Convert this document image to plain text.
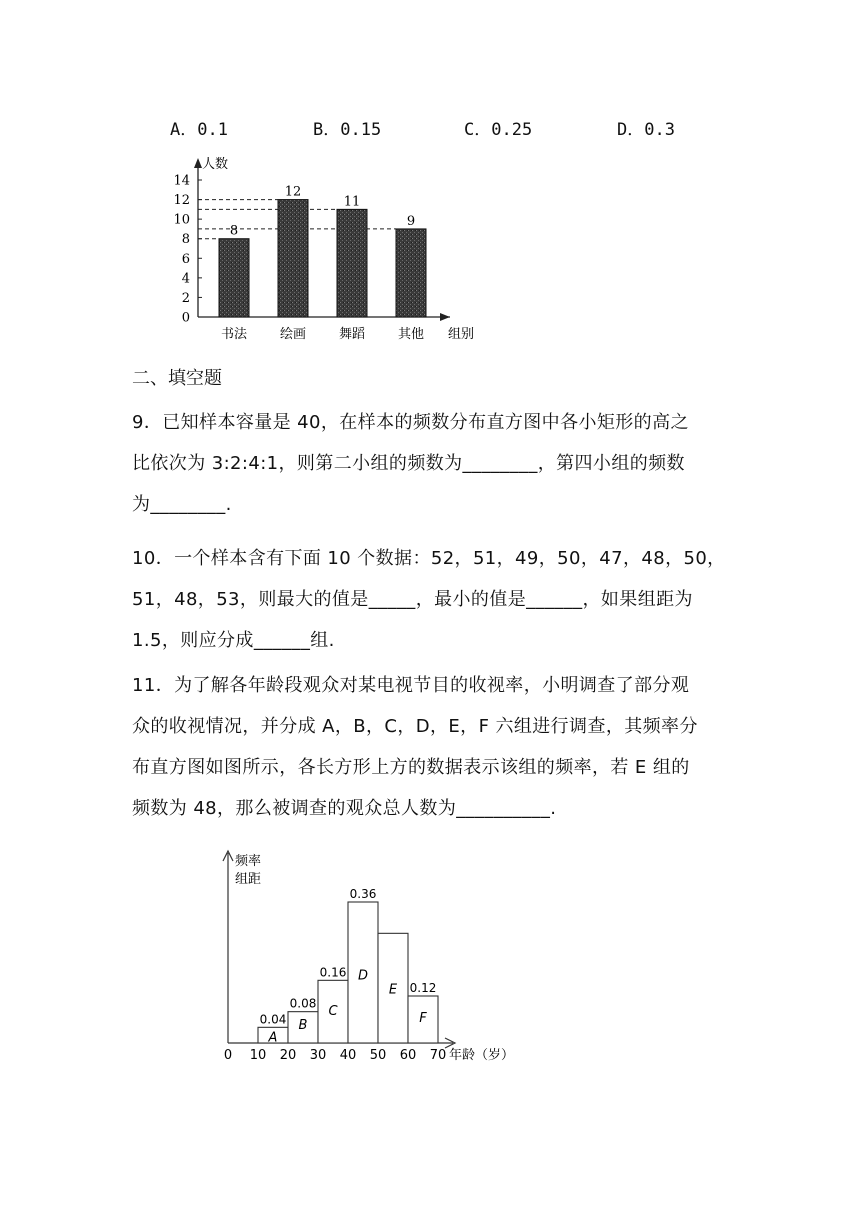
A．0.1	B．0.15	C．0.25	D．0.3
0
2
4
6
8
10
12
14
8
书法
12
绘画
11
舞蹈
9
其他
人数
组别
二、填空题
9．已知样本容量是 40，在样本的频数分布直方图中各小矩形的高之
比依次为 3:2:4:1，则第二小组的频数为________，第四小组的频数
为________.
10．一个样本含有下面 10 个数据：52，51，49，50，47，48，50，
51，48，53，则最大的值是_____，最小的值是______，如果组距为
1.5，则应分成______组.
11．为了解各年龄段观众对某电视节目的收视率，小明调查了部分观
众的收视情况，并分成 A，B，C，D，E，F 六组进行调查，其频率分
布直方图如图所示，各长方形上方的数据表示该组的频率，若 E 组的
频数为 48，那么被调查的观众总人数为__________.
0 10 20 30 40 50 60 70
A
0.04 B
0.08
C
0.16 D
0.36
E
F
0.12
频率
组距
年龄（岁）
